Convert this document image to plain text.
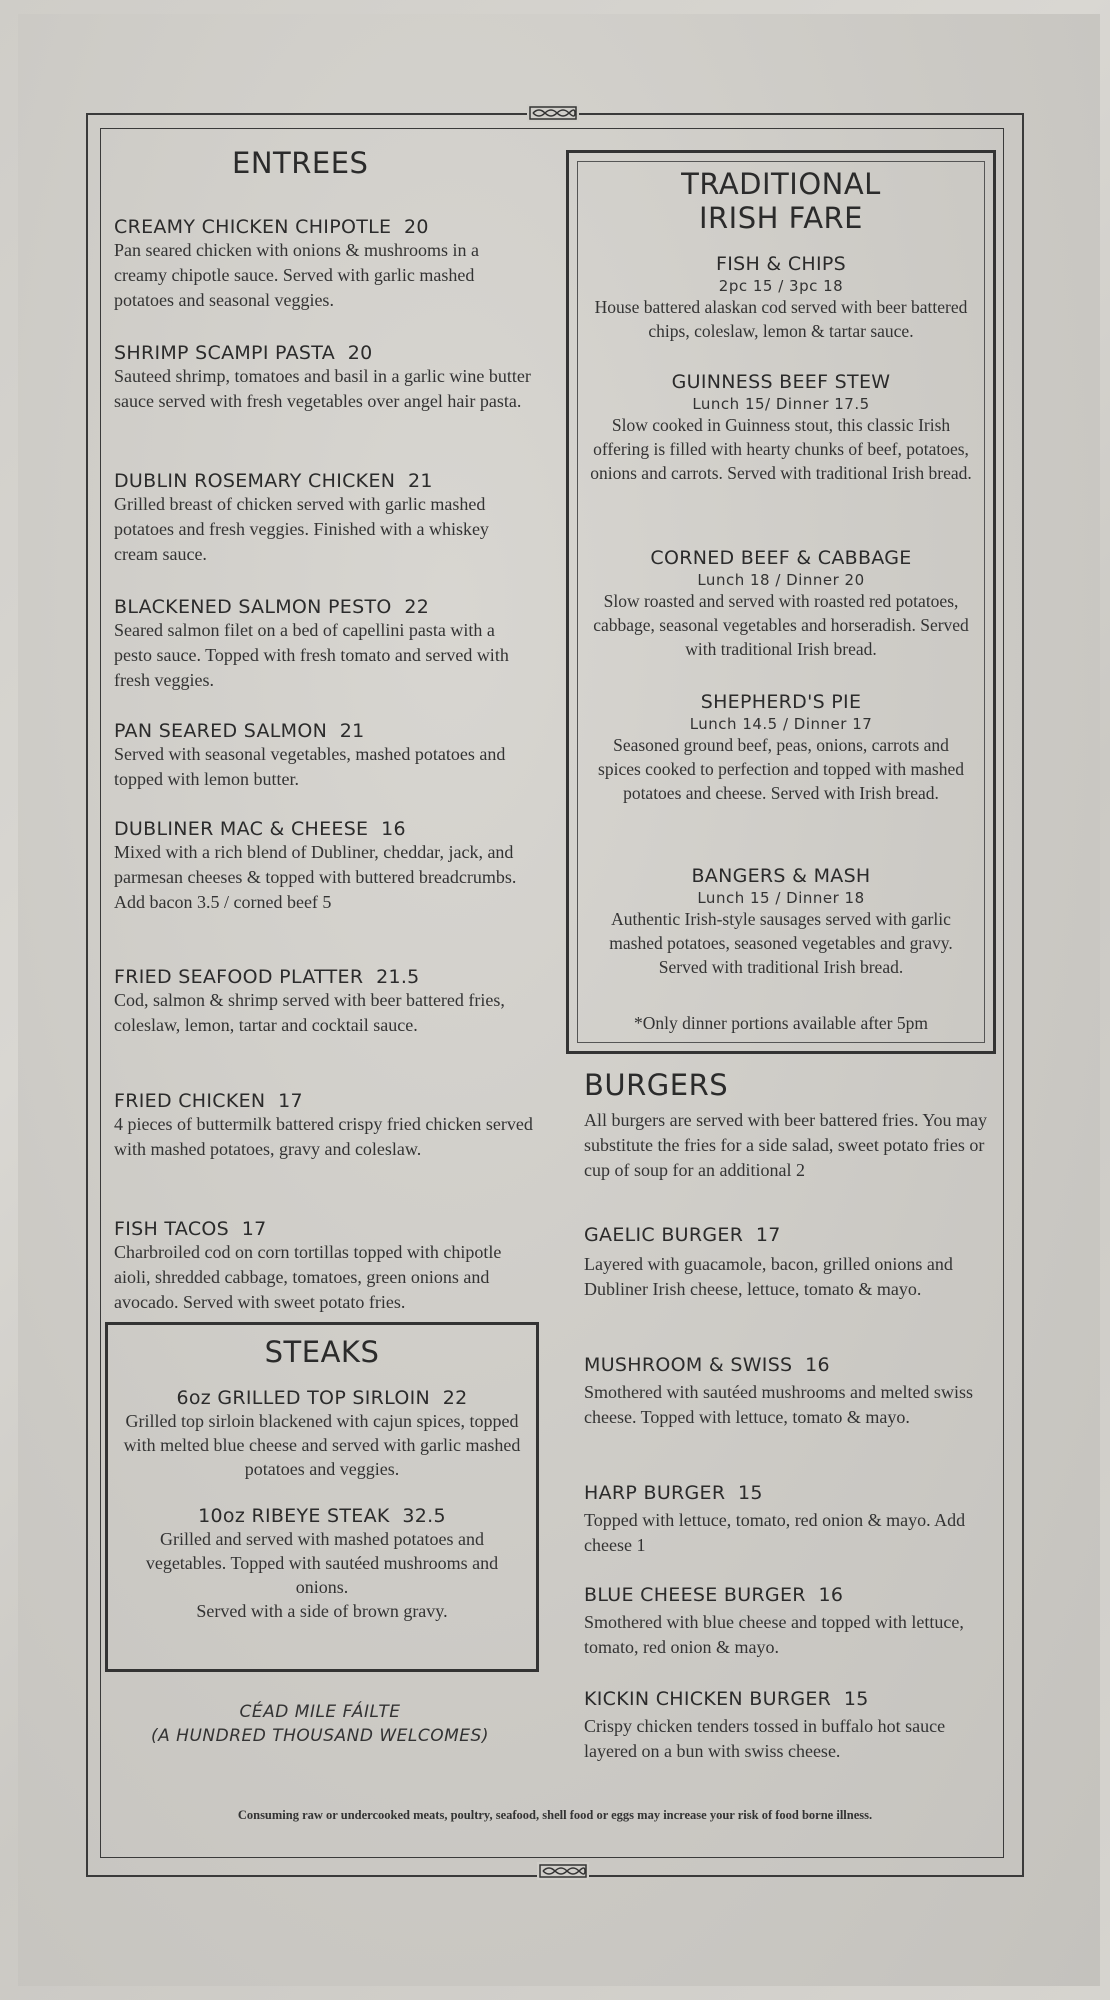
ENTREES

CREAMY CHICKEN CHIPOTLE 20

Pan seared chicken with onions & mushrooms in a creamy chipotle sauce. Served with garlic mashed potatoes and seasonal veggies.

SHRIMP SCAMPI PASTA 20

Sauteed shrimp, tomatoes and basil in a garlic wine butter sauce served with fresh vegetables over angel hair pasta.

DUBLIN ROSEMARY CHICKEN 21

Grilled breast of chicken served with garlic mashed potatoes and fresh veggies. Finished with a whiskey cream sauce.

BLACKENED SALMON PESTO 22

Seared salmon filet on a bed of capellini pasta with a pesto sauce. Topped with fresh tomato and served with fresh veggies.

PAN SEARED SALMON 21

Served with seasonal vegetables, mashed potatoes and topped with lemon butter.

DUBLINER MAC & CHEESE 16

Mixed with a rich blend of Dubliner, cheddar, jack, and parmesan cheeses & topped with buttered breadcrumbs.

Add bacon 3.5 / corned beef 5

FRIED SEAFOOD PLATTER 21.5

Cod, salmon & shrimp served with beer battered fries, coleslaw, lemon, tartar and cocktail sauce.

FRIED CHICKEN 17

4 pieces of buttermilk battered crispy fried chicken served with mashed potatoes, gravy and coleslaw.

FISH TACOS 17

Charbroiled cod on corn tortillas topped with chipotle aioli, shredded cabbage, tomatoes, green onions and avocado. Served with sweet potato fries.

TRADITIONAL
IRISH FARE

FISH & CHIPS

2pc 15 / 3pc 18

House battered alaskan cod served with beer battered chips, coleslaw, lemon & tartar sauce.

GUINNESS BEEF STEW

Lunch 15/ Dinner 17.5

Slow cooked in Guinness stout, this classic Irish offering is filled with hearty chunks of beef, potatoes, onions and carrots. Served with traditional Irish bread.

CORNED BEEF & CABBAGE

Lunch 18 / Dinner 20

Slow roasted and served with roasted red potatoes, cabbage, seasonal vegetables and horseradish. Served with traditional Irish bread.

SHEPHERD'S PIE

Lunch 14.5 / Dinner 17

Seasoned ground beef, peas, onions, carrots and spices cooked to perfection and topped with mashed potatoes and cheese. Served with Irish bread.

BANGERS & MASH

Lunch 15 / Dinner 18

Authentic Irish-style sausages served with garlic mashed potatoes, seasoned vegetables and gravy. Served with traditional Irish bread.

*Only dinner portions available after 5pm

BURGERS

All burgers are served with beer battered fries. You may substitute the fries for a side salad, sweet potato fries or cup of soup for an additional 2

GAELIC BURGER 17

Layered with guacamole, bacon, grilled onions and Dubliner Irish cheese, lettuce, tomato & mayo.

MUSHROOM & SWISS 16

Smothered with sautéed mushrooms and melted swiss cheese. Topped with lettuce, tomato & mayo.

HARP BURGER 15

Topped with lettuce, tomato, red onion & mayo. Add cheese 1

BLUE CHEESE BURGER 16

Smothered with blue cheese and topped with lettuce, tomato, red onion & mayo.

KICKIN CHICKEN BURGER 15

Crispy chicken tenders tossed in buffalo hot sauce layered on a bun with swiss cheese.

STEAKS

6oz GRILLED TOP SIRLOIN 22

Grilled top sirloin blackened with cajun spices, topped with melted blue cheese and served with garlic mashed potatoes and veggies.

10oz RIBEYE STEAK 32.5

Grilled and served with mashed potatoes and vegetables. Topped with sautéed mushrooms and onions.

Served with a side of brown gravy.

CÉAD MILE FÁILTE
(A HUNDRED THOUSAND WELCOMES)
Consuming raw or undercooked meats, poultry, seafood, shell food or eggs may increase your risk of food borne illness.
